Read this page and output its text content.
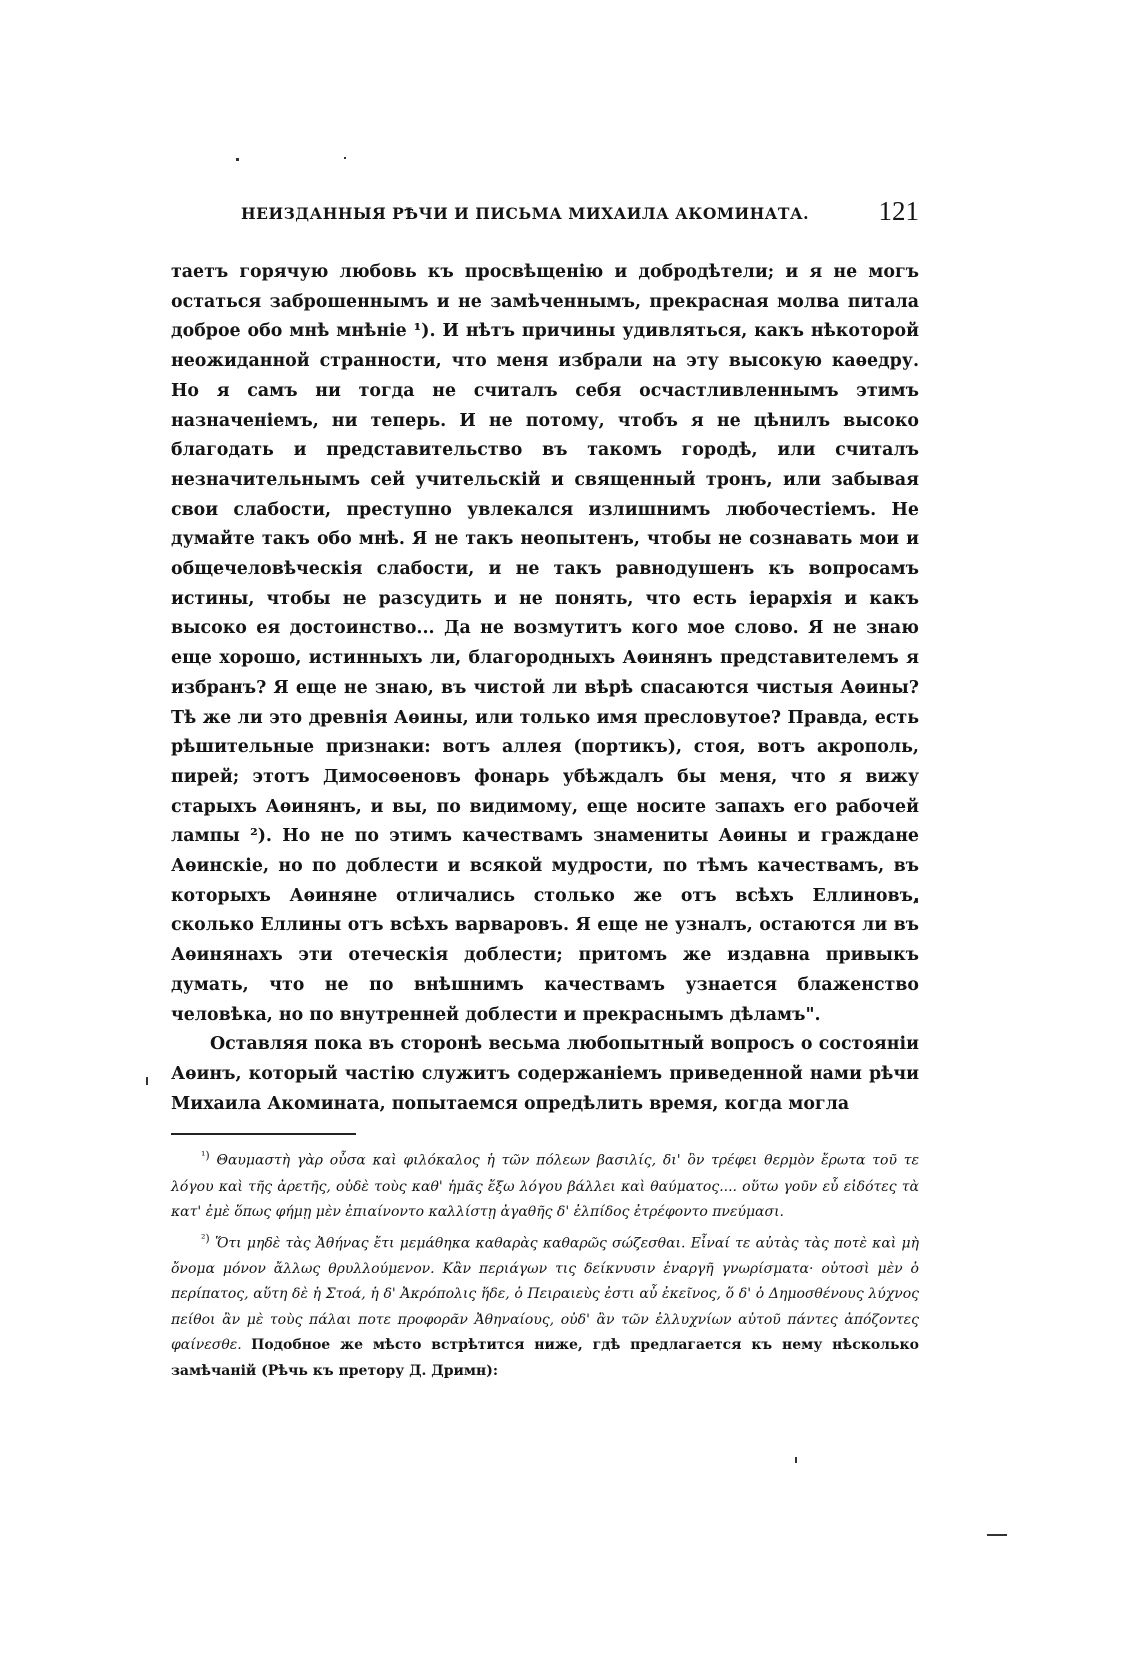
НЕИЗДАННЫЯ РѢЧИ И ПИСЬМА МИХАИЛА АКОМИНАТА.	121

таетъ горячую любовь къ просвѣщенію и добродѣтели; и я не могъ остаться заброшеннымъ и не замѣченнымъ, прекрасная молва питала доброе обо мнѣ мнѣніе ¹). И нѣтъ причины удивляться, какъ нѣкоторой неожиданной странности, что меня избрали на эту высокую каѳедру. Но я самъ ни тогда не считалъ себя осчастливленнымъ этимъ назначеніемъ, ни теперь. И не потому, чтобъ я не цѣнилъ высоко благодать и представительство въ такомъ городѣ, или считалъ незначительнымъ сей учительскій и священный тронъ, или забывая свои слабости, преступно увлекался излишнимъ любочестіемъ. Не думайте такъ обо мнѣ. Я не такъ неопытенъ, чтобы не сознавать мои и общечеловѣческія слабости, и не такъ равнодушенъ къ вопросамъ истины, чтобы не разсудить и не понять, что есть іерархія и какъ высоко ея достоинство... Да не возмутитъ кого мое слово. Я не знаю еще хорошо, истинныхъ ли, благородныхъ Аѳинянъ представителемъ я избранъ? Я еще не знаю, въ чистой ли вѣрѣ спасаются чистыя Аѳины? Тѣ же ли это древнія Аѳины, или только имя пресловутое? Правда, есть рѣшительные признаки: вотъ аллея (портикъ), стоя, вотъ акрополь, пирей; этотъ Димосѳеновъ фонарь убѣждалъ бы меня, что я вижу старыхъ Аѳинянъ, и вы, по видимому, еще носите запахъ его рабочей лампы ²). Но не по этимъ качествамъ знамениты Аѳины и граждане Аѳинскіе, но по доблести и всякой мудрости, по тѣмъ качествамъ, въ которыхъ Аѳиняне отличались столько же отъ всѣхъ Еллиновъ, сколько Еллины отъ всѣхъ варваровъ. Я еще не узналъ, остаются ли въ Аѳинянахъ эти отеческія доблести; притомъ же издавна привыкъ думать, что не по внѣшнимъ качествамъ узнается блаженство человѣка, но по внутренней доблести и прекраснымъ дѣламъ".

Оставляя пока въ сторонѣ весьма любопытный вопросъ о состояніи Аѳинъ, который частію служитъ содержаніемъ приведенной нами рѣчи Михаила Акомината, попытаемся опредѣлить время, когда могла

$^{^1)}$ Θαυμαστὴ γὰρ οὖσα καὶ φιλόκαλος ἡ τῶν πόλεων βασιλίς, δι' ὃν τρέφει θερμὸν ἔρωτα τοῦ τε λόγου καὶ τῆς ἀρετῆς, οὐδὲ τοὺς καθ' ἡμᾶς ἔξω λόγου βάλλει καὶ θαύματος.... οὕτω γοῦν εὖ εἰδότες τὰ κατ' ἐμὲ ὅπως φήμῃ μὲν ἐπιαίνοντο καλλίστῃ ἀγαθῆς δ' ἐλπίδος ἐτρέφοντο πνεύμασι.

$^{^2)}$ Ὅτι μηδὲ τὰς Ἀθήνας ἔτι μεμάθηκα καθαρὰς καθαρῶς σώζεσθαι. Εἶναί τε αὐτὰς τὰς ποτὲ καὶ μὴ ὄνομα μόνον ἄλλως θρυλλούμενον. Κἂν περιάγων τις δείκνυσιν ἐναργῆ γνωρίσματα· οὑτοσὶ μὲν ὁ περίπατος, αὕτη δὲ ἡ Στοά, ἡ δ' Ἀκρόπολις ἥδε, ὁ Πειραιεὺς ἐστι αὖ ἐκεῖνος, ὅ δ' ὁ Δημοσθένους λύχνος πείθοι ἂν μὲ τοὺς πάλαι ποτε προφορᾶν Ἀθηναίους, οὐδ' ἂν τῶν ἐλλυχνίων αὐτοῦ πάντες ἀπόζοντες φαίνεσθε. Подобное же мѣсто встрѣтится ниже, гдѣ предлагается къ нему нѣсколько замѣчаній (Рѣчь къ претору Д. Дримн):
